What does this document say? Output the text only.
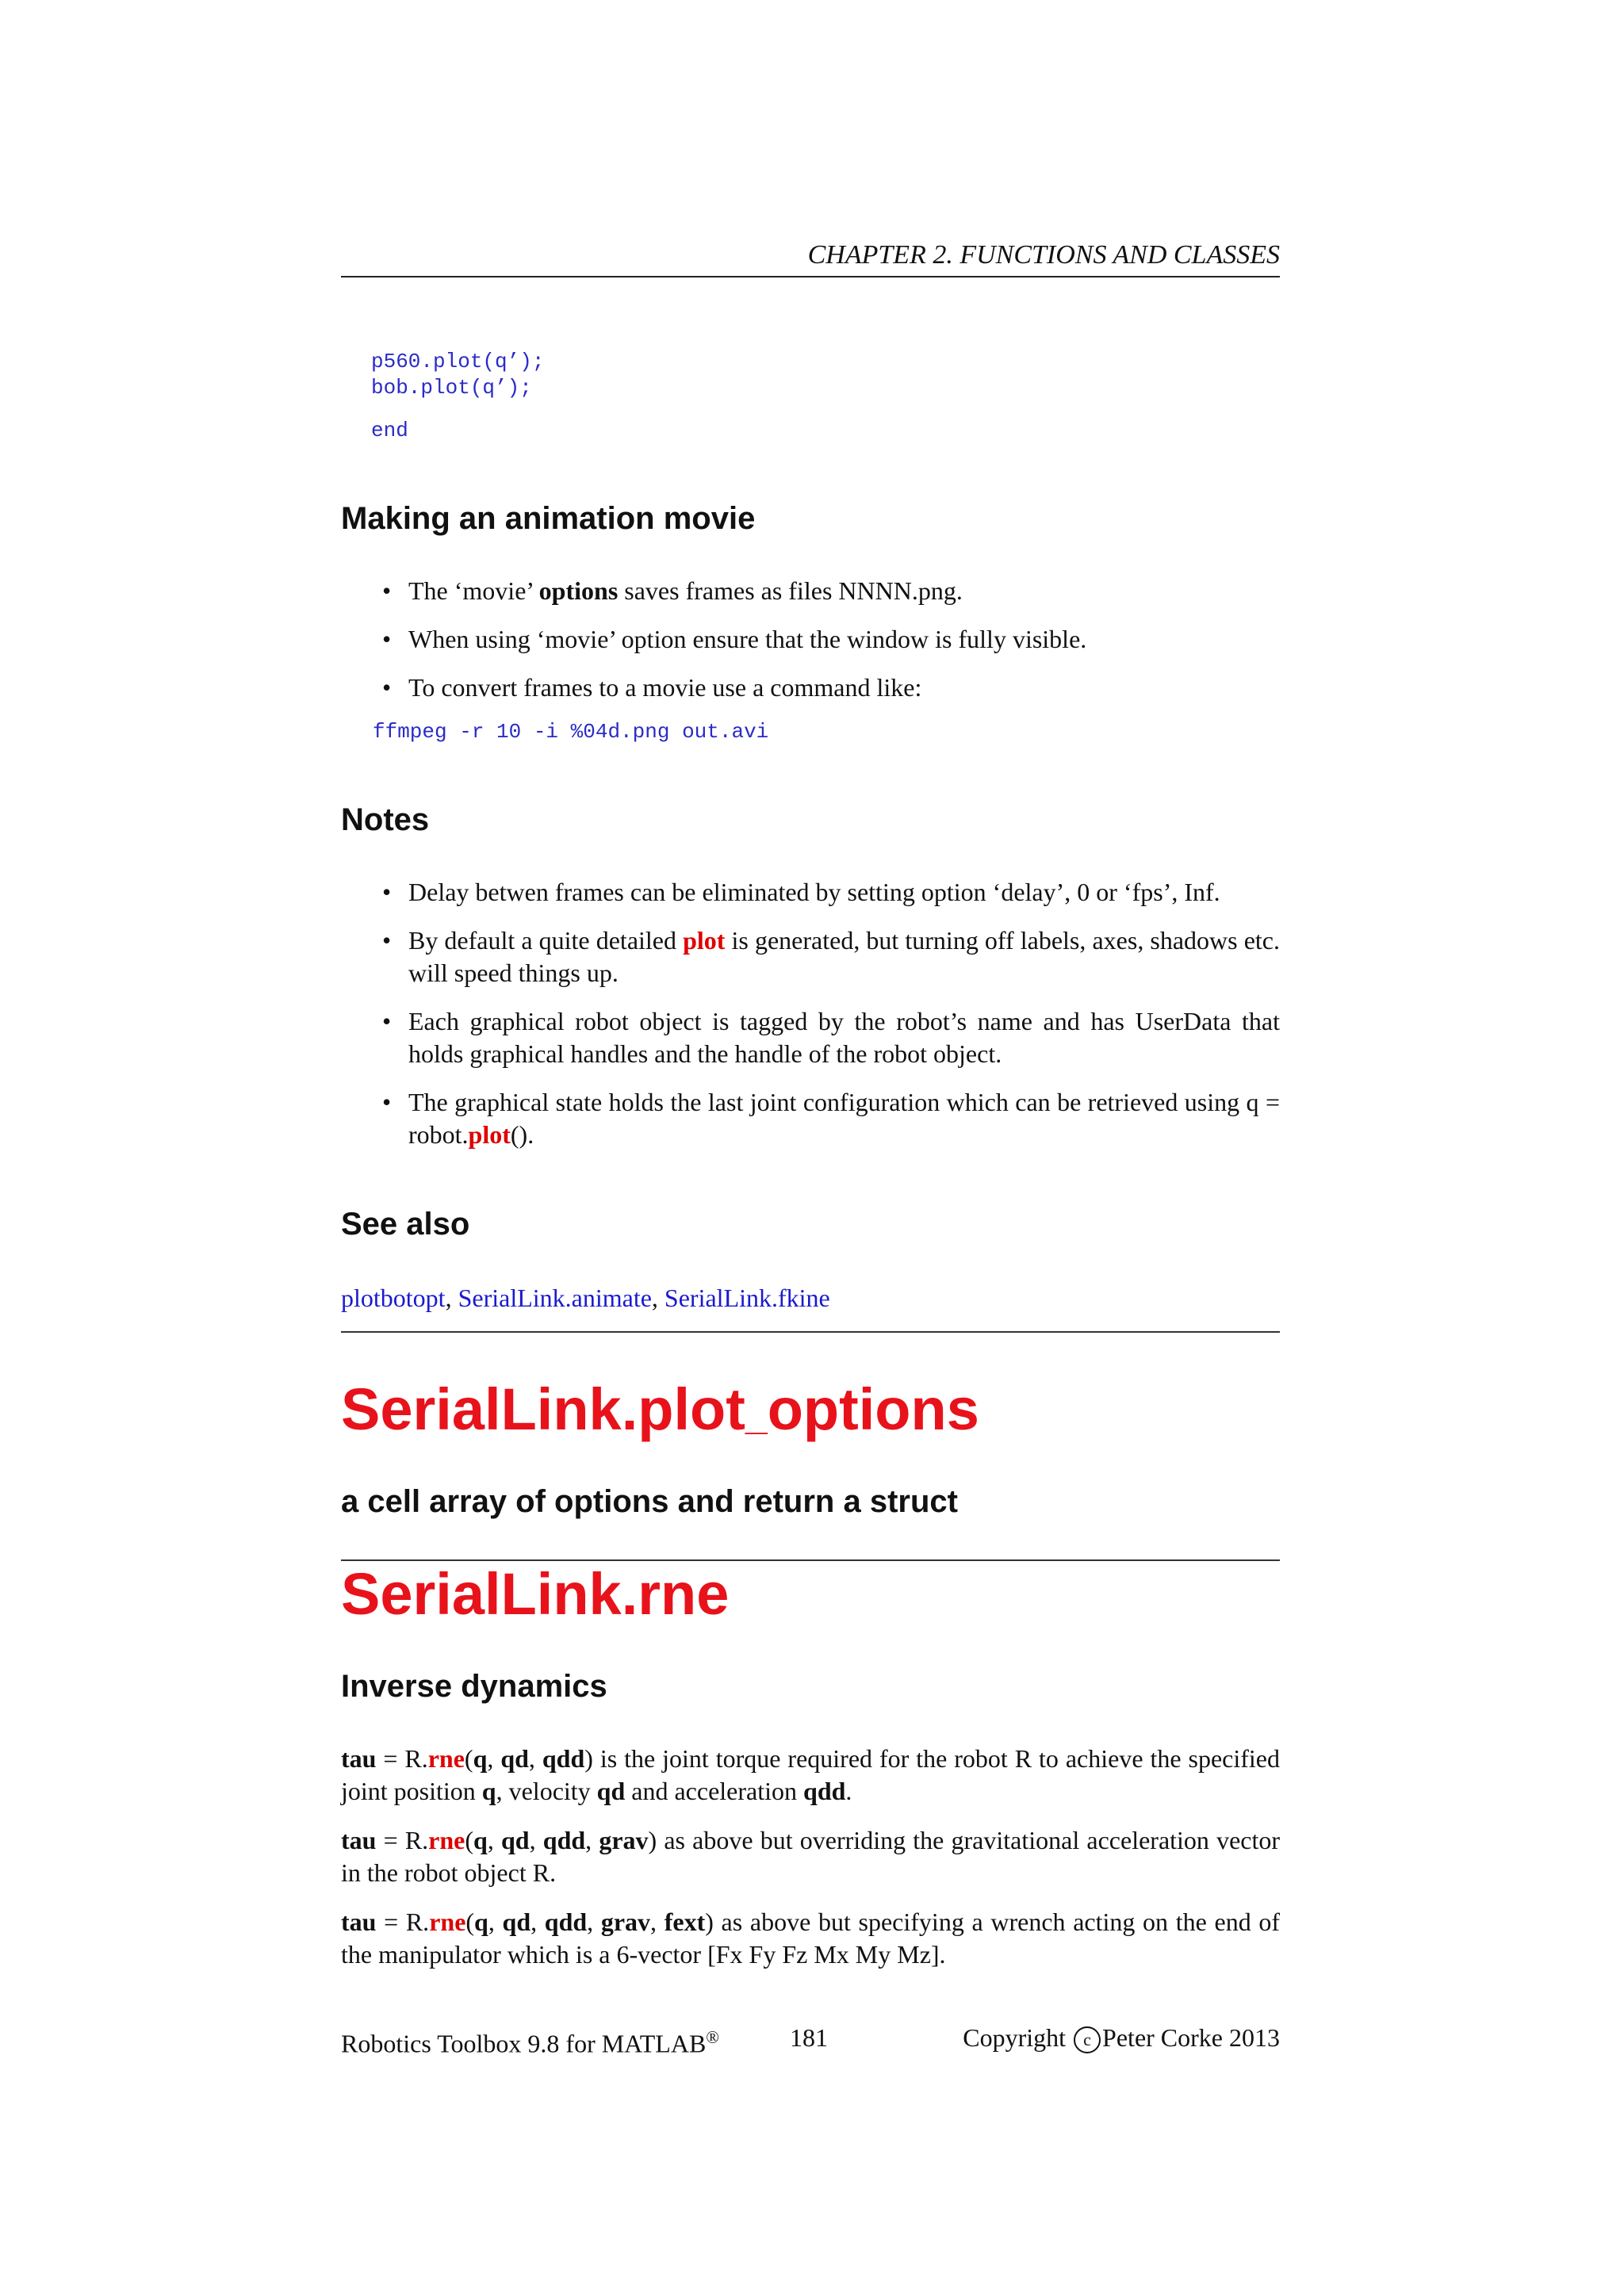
CHAPTER 2. FUNCTIONS AND CLASSES
p560.plot(q’);
bob.plot(q’);
end
Making an animation movie
• The ‘movie’ options saves frames as files NNNN.png.
• When using ‘movie’ option ensure that the window is fully visible.
• To convert frames to a movie use a command like:
ffmpeg -r 10 -i %04d.png out.avi
Notes
• Delay betwen frames can be eliminated by setting option ‘delay’, 0 or ‘fps’, Inf.
• By default a quite detailed plot is generated, but turning off labels, axes, shadows etc. will speed things up.
• Each graphical robot object is tagged by the robot’s name and has UserData that holds graphical handles and the handle of the robot object.
• The graphical state holds the last joint configuration which can be retrieved using q = robot.plot().
See also
plotbotopt, SerialLink.animate, SerialLink.fkine
SerialLink.plot_options
a cell array of options and return a struct
SerialLink.rne
Inverse dynamics

tau = R.rne(q, qd, qdd) is the joint torque required for the robot R to achieve the specified joint position q, velocity qd and acceleration qdd.

tau = R.rne(q, qd, qdd, grav) as above but overriding the gravitational acceleration vector in the robot object R.

tau = R.rne(q, qd, qdd, grav, fext) as above but specifying a wrench acting on the end of the manipulator which is a 6-vector [Fx Fy Fz Mx My Mz].

Robotics Toolbox 9.8 for MATLAB®	181	Copyright c Peter Corke 2013
